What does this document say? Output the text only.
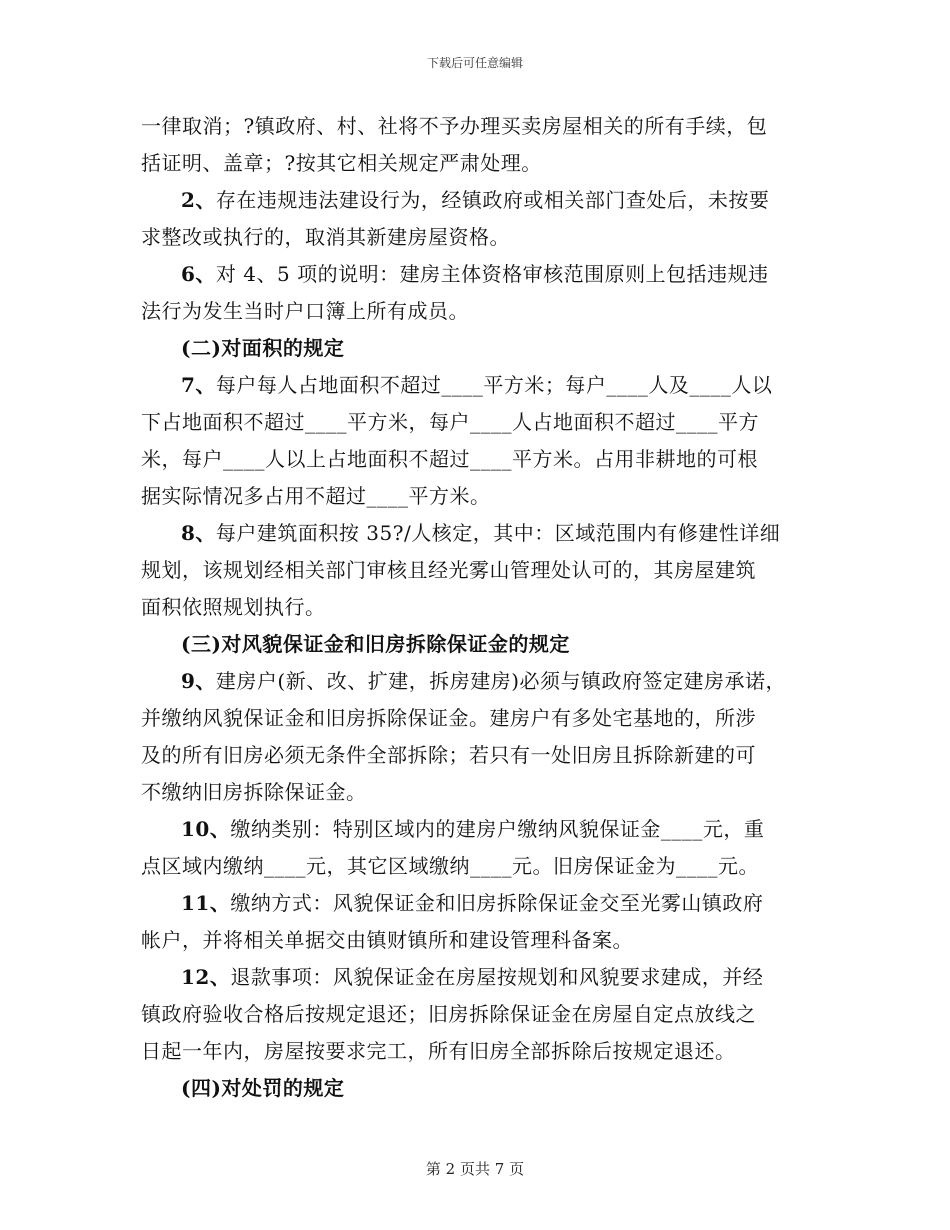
下载后可任意编辑
一律取消；?镇政府、村、社将不予办理买卖房屋相关的所有手续，包
括证明、盖章；?按其它相关规定严肃处理。
2、存在违规违法建设行为，经镇政府或相关部门查处后，未按要
求整改或执行的，取消其新建房屋资格。
6、对 4、5 项的说明：建房主体资格审核范围原则上包括违规违
法行为发生当时户口簿上所有成员。
(二)对面积的规定
7、每户每人占地面积不超过____平方米；每户____人及____人以
下占地面积不超过____平方米，每户____人占地面积不超过____平方
米，每户____人以上占地面积不超过____平方米。占用非耕地的可根
据实际情况多占用不超过____平方米。
8、每户建筑面积按 35?/人核定，其中：区域范围内有修建性详细
规划，该规划经相关部门审核且经光雾山管理处认可的，其房屋建筑
面积依照规划执行。
(三)对风貌保证金和旧房拆除保证金的规定
9、建房户(新、改、扩建，拆房建房)必须与镇政府签定建房承诺，
并缴纳风貌保证金和旧房拆除保证金。建房户有多处宅基地的，所涉
及的所有旧房必须无条件全部拆除；若只有一处旧房且拆除新建的可
不缴纳旧房拆除保证金。
10、缴纳类别：特别区域内的建房户缴纳风貌保证金____元，重
点区域内缴纳____元，其它区域缴纳____元。旧房保证金为____元。
11、缴纳方式：风貌保证金和旧房拆除保证金交至光雾山镇政府
帐户，并将相关单据交由镇财镇所和建设管理科备案。
12、退款事项：风貌保证金在房屋按规划和风貌要求建成，并经
镇政府验收合格后按规定退还；旧房拆除保证金在房屋自定点放线之
日起一年内，房屋按要求完工，所有旧房全部拆除后按规定退还。
(四)对处罚的规定
第 2 页共 7 页
